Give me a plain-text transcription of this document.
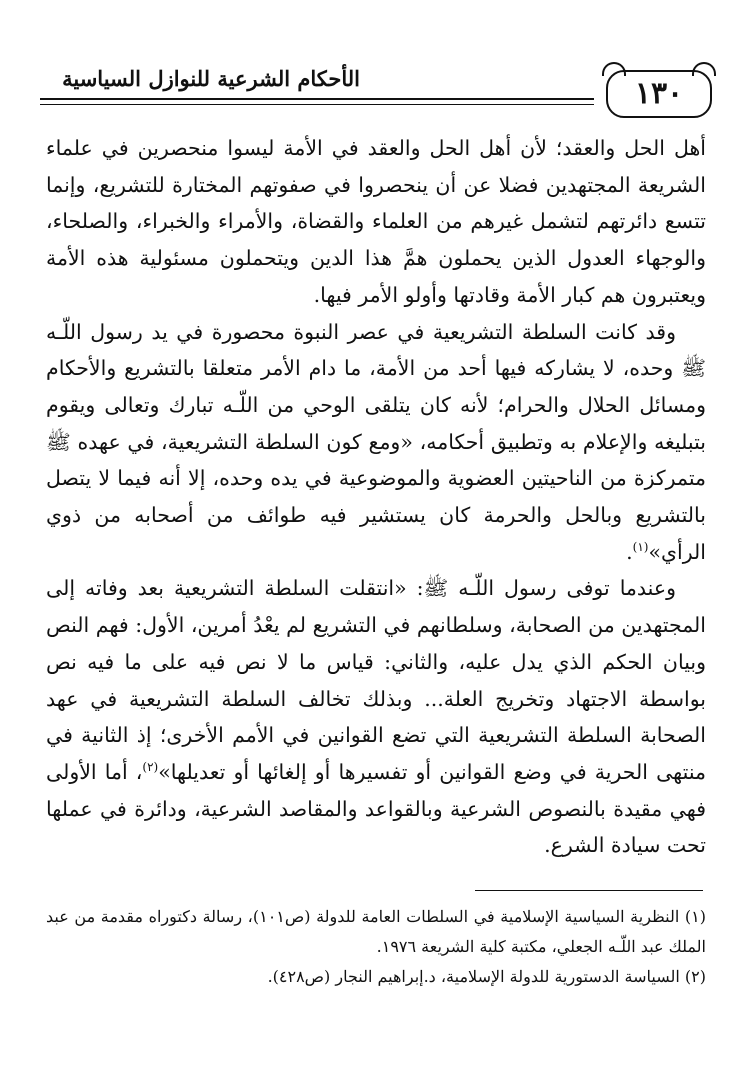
الأحكام الشرعية للنوازل السياسية	١٣٠

أهل الحل والعقد؛ لأن أهل الحل والعقد في الأمة ليسوا منحصرين في علماء الشريعة المجتهدين فضلا عن أن ينحصروا في صفوتهم المختارة للتشريع، وإنما تتسع دائرتهم لتشمل غيرهم من العلماء والقضاة، والأمراء والخبراء، والصلحاء، والوجهاء العدول الذين يحملون همَّ هذا الدين ويتحملون مسئولية هذه الأمة ويعتبرون هم كبار الأمة وقادتها وأولو الأمر فيها.

وقد كانت السلطة التشريعية في عصر النبوة محصورة في يد رسول اللّـه ﷺ وحده، لا يشاركه فيها أحد من الأمة، ما دام الأمر متعلقا بالتشريع والأحكام ومسائل الحلال والحرام؛ لأنه كان يتلقى الوحي من اللّـه تبارك وتعالى ويقوم بتبليغه والإعلام به وتطبيق أحكامه، «ومع كون السلطة التشريعية، في عهده ﷺ متمركزة من الناحيتين العضوية والموضوعية في يده وحده، إلا أنه فيما لا يتصل بالتشريع وبالحل والحرمة كان يستشير فيه طوائف من أصحابه من ذوي الرأي»$^{(١)}$.

وعندما توفى رسول اللّـه ﷺ: «انتقلت السلطة التشريعية بعد وفاته إلى المجتهدين من الصحابة، وسلطانهم في التشريع لم يعْدُ أمرين، الأول: فهم النص وبيان الحكم الذي يدل عليه، والثاني: قياس ما لا نص فيه على ما فيه نص بواسطة الاجتهاد وتخريج العلة... وبذلك تخالف السلطة التشريعية في عهد الصحابة السلطة التشريعية التي تضع القوانين في الأمم الأخرى؛ إذ الثانية في منتهى الحرية في وضع القوانين أو تفسيرها أو إلغائها أو تعديلها»$^{(٢)}$، أما الأولى فهي مقيدة بالنصوص الشرعية وبالقواعد والمقاصد الشرعية، ودائرة في عملها تحت سيادة الشرع.

(١) النظرية السياسية الإسلامية في السلطات العامة للدولة (ص١٠١)، رسالة دكتوراه مقدمة من عبد الملك عبد اللّـه الجعلي، مكتبة كلية الشريعة ١٩٧٦.

(٢) السياسة الدستورية للدولة الإسلامية، د.إبراهيم النجار (ص٤٢٨).
